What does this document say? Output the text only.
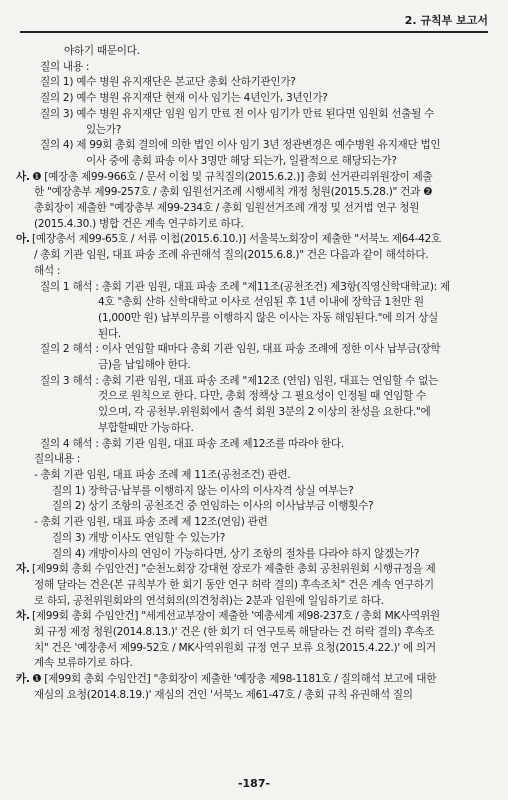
2. 규칙부 보고서
야하기 때문이다.
질의 내용 :
질의 1) 예수 병원 유지재단은 본교단 총회 산하기관인가?
질의 2) 예수 병원 유지재단 현재 이사 임기는 4년인가, 3년인가?
질의 3) 예수 병원 유지재단 임원 임기 만료 전 이사 임기가 만료 된다면 임원회 선출될 수
있는가?
질의 4) 제 99회 총회 결의에 의한 법인 이사 임기 3년 정관변경은 예수병원 유지재단 법인
이사 중에 총회 파송 이사 3명만 해당 되는가, 일괄적으로 해당되는가?
사. ❶ [예장총 제99-966호 / 문서 이첩 및 규칙질의(2015.6.2.)] 총회 선거관리위원장이 제출
한 "예장총부 제99-257호 / 총회 임원선거조례 시행세칙 개정 청원(2015.5.28.)" 건과 ❷
총회장이 제출한 "예장총부 제99-234호 / 총회 임원선거조례 개정 및 선거법 연구 청원
(2015.4.30.) 병합 건은 계속 연구하기로 하다.
아. [예장총서 제99-65호 / 서류 이첩(2015.6.10.)] 서울북노회장이 제출한 "서북노 제64-42호
/ 총회 기관 임원, 대표 파송 조례 유권해석 질의(2015.6.8.)" 건은 다음과 같이 해석하다.
해석 :
질의 1 해석 : 총회 기관 임원, 대표 파송 조례 "제11조(공천조건) 제3항(직영신학대학교): 제
4호 "총회 산하 신학대학교 이사로 선임된 후 1년 이내에 장학금 1천만 원
(1,000만 원) 납부의무를 이행하지 않은 이사는 자동 해임된다."에 의거 상실
된다.
질의 2 해석 : 이사 연임할 때마다 총회 기관 임원, 대표 파송 조례에 정한 이사 납부금(장학
금)을 납입해야 한다.
질의 3 해석 : 총회 기관 임원, 대표 파송 조례 "제12조 (연임) 임원, 대표는 연임할 수 없는
것으로 원칙으로 한다. 다만, 총회 정책상 그 필요성이 인정될 때 연임할 수
있으며, 각 공천부.위원회에서 출석 회원 3분의 2 이상의 찬성을 요한다."에
부합할때만 가능하다.
질의 4 해석 : 총회 기관 임원, 대표 파송 조례 제12조를 따라야 한다.
질의내용 :
- 총회 기관 임원, 대표 파송 조례 제 11조(공천조건) 관련.
질의 1) 장학금·납부를 이행하지 않는 이사의 이사자격 상실 여부는?
질의 2) 상기 조항의 공천조건 중 연임하는 이사의 이사납부금 이행횟수?
- 총회 기관 임원, 대표 파송 조례 제 12조(연임) 관련
질의 3) 개방 이사도 연임할 수 있는가?
질의 4) 개방이사의 연임이 가능하다면, 상기 조항의 절차를 다라야 하지 않겠는가?
자. [제99회 총회 수임안건] "순천노회장 강대현 장로가 제출한 총회 공천위원회 시행규정을 제
정해 달라는 건은(본 규칙부가 한 회기 동안 연구 허락 결의) 후속조치" 건은 계속 연구하기
로 하되, 공천위원회와의 연석회의(의견청취)는 2분과 임원에 일임하기로 하다.
차. [제99회 총회 수임안건] "세계선교부장이 제출한 '예총세계 제98-237호 / 총회 MK사역위원
회 규정 제정 청원(2014.8.13.)' 건은 (한 회기 더 연구토록 해달라는 건 허락 결의) 후속조
치" 건은 '예장총서 제99-52호 / MK사역위원회 규정 연구 보류 요청(2015.4.22.)' 에 의거
계속 보류하기로 하다.
카. ❶ [제99회 총회 수임안건] "총회장이 제출한 '예장총 제98-1181호 / 질의해석 보고에 대한
재심의 요청(2014.8.19.)' 재심의 건인 '서북노 제61-47호 / 총회 규칙 유권해석 질의
-187-
